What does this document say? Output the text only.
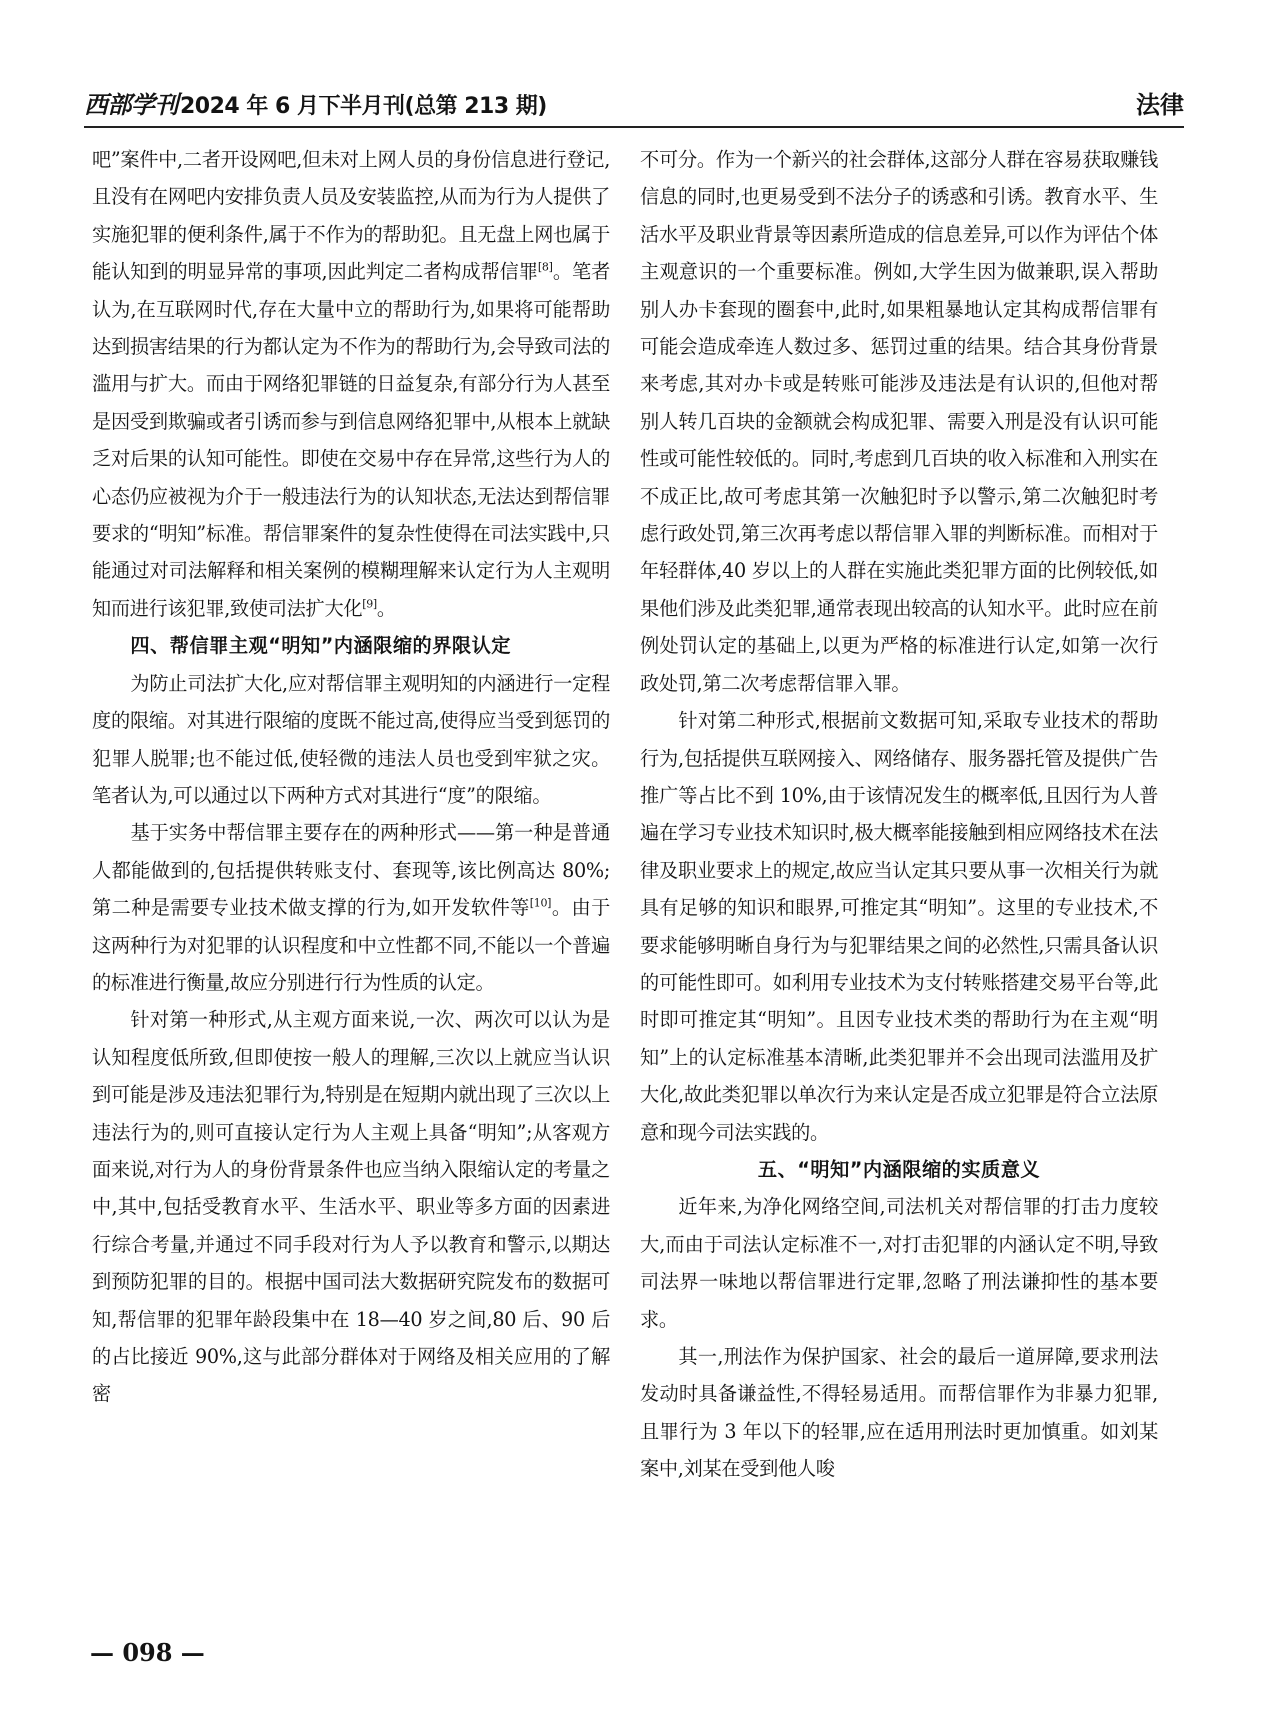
西部学刊2024 年 6 月下半月刊(总第 213 期)	法律

吧”案件中,二者开设网吧,但未对上网人员的身份信息进行登记,且没有在网吧内安排负责人员及安装监控,从而为行为人提供了实施犯罪的便利条件,属于不作为的帮助犯。且无盘上网也属于能认知到的明显异常的事项,因此判定二者构成帮信罪[8]。笔者认为,在互联网时代,存在大量中立的帮助行为,如果将可能帮助达到损害结果的行为都认定为不作为的帮助行为,会导致司法的滥用与扩大。而由于网络犯罪链的日益复杂,有部分行为人甚至是因受到欺骗或者引诱而参与到信息网络犯罪中,从根本上就缺乏对后果的认知可能性。即使在交易中存在异常,这些行为人的心态仍应被视为介于一般违法行为的认知状态,无法达到帮信罪要求的“明知”标准。帮信罪案件的复杂性使得在司法实践中,只能通过对司法解释和相关案例的模糊理解来认定行为人主观明知而进行该犯罪,致使司法扩大化[9]。

四、帮信罪主观“明知”内涵限缩的界限认定

为防止司法扩大化,应对帮信罪主观明知的内涵进行一定程度的限缩。对其进行限缩的度既不能过高,使得应当受到惩罚的犯罪人脱罪;也不能过低,使轻微的违法人员也受到牢狱之灾。笔者认为,可以通过以下两种方式对其进行“度”的限缩。

基于实务中帮信罪主要存在的两种形式——第一种是普通人都能做到的,包括提供转账支付、套现等,该比例高达 80%;第二种是需要专业技术做支撑的行为,如开发软件等[10]。由于这两种行为对犯罪的认识程度和中立性都不同,不能以一个普遍的标准进行衡量,故应分别进行行为性质的认定。

针对第一种形式,从主观方面来说,一次、两次可以认为是认知程度低所致,但即使按一般人的理解,三次以上就应当认识到可能是涉及违法犯罪行为,特别是在短期内就出现了三次以上违法行为的,则可直接认定行为人主观上具备“明知”;从客观方面来说,对行为人的身份背景条件也应当纳入限缩认定的考量之中,其中,包括受教育水平、生活水平、职业等多方面的因素进行综合考量,并通过不同手段对行为人予以教育和警示,以期达到预防犯罪的目的。根据中国司法大数据研究院发布的数据可知,帮信罪的犯罪年龄段集中在 18—40 岁之间,80 后、90 后的占比接近 90%,这与此部分群体对于网络及相关应用的了解密

不可分。作为一个新兴的社会群体,这部分人群在容易获取赚钱信息的同时,也更易受到不法分子的诱惑和引诱。教育水平、生活水平及职业背景等因素所造成的信息差异,可以作为评估个体主观意识的一个重要标准。例如,大学生因为做兼职,误入帮助别人办卡套现的圈套中,此时,如果粗暴地认定其构成帮信罪有可能会造成牵连人数过多、惩罚过重的结果。结合其身份背景来考虑,其对办卡或是转账可能涉及违法是有认识的,但他对帮别人转几百块的金额就会构成犯罪、需要入刑是没有认识可能性或可能性较低的。同时,考虑到几百块的收入标准和入刑实在不成正比,故可考虑其第一次触犯时予以警示,第二次触犯时考虑行政处罚,第三次再考虑以帮信罪入罪的判断标准。而相对于年轻群体,40 岁以上的人群在实施此类犯罪方面的比例较低,如果他们涉及此类犯罪,通常表现出较高的认知水平。此时应在前例处罚认定的基础上,以更为严格的标准进行认定,如第一次行政处罚,第二次考虑帮信罪入罪。

针对第二种形式,根据前文数据可知,采取专业技术的帮助行为,包括提供互联网接入、网络储存、服务器托管及提供广告推广等占比不到 10%,由于该情况发生的概率低,且因行为人普遍在学习专业技术知识时,极大概率能接触到相应网络技术在法律及职业要求上的规定,故应当认定其只要从事一次相关行为就具有足够的知识和眼界,可推定其“明知”。这里的专业技术,不要求能够明晰自身行为与犯罪结果之间的必然性,只需具备认识的可能性即可。如利用专业技术为支付转账搭建交易平台等,此时即可推定其“明知”。且因专业技术类的帮助行为在主观“明知”上的认定标准基本清晰,此类犯罪并不会出现司法滥用及扩大化,故此类犯罪以单次行为来认定是否成立犯罪是符合立法原意和现今司法实践的。

五、“明知”内涵限缩的实质意义

近年来,为净化网络空间,司法机关对帮信罪的打击力度较大,而由于司法认定标准不一,对打击犯罪的内涵认定不明,导致司法界一味地以帮信罪进行定罪,忽略了刑法谦抑性的基本要求。

其一,刑法作为保护国家、社会的最后一道屏障,要求刑法发动时具备谦益性,不得轻易适用。而帮信罪作为非暴力犯罪,且罪行为 3 年以下的轻罪,应在适用刑法时更加慎重。如刘某案中,刘某在受到他人唆

— 098 —
